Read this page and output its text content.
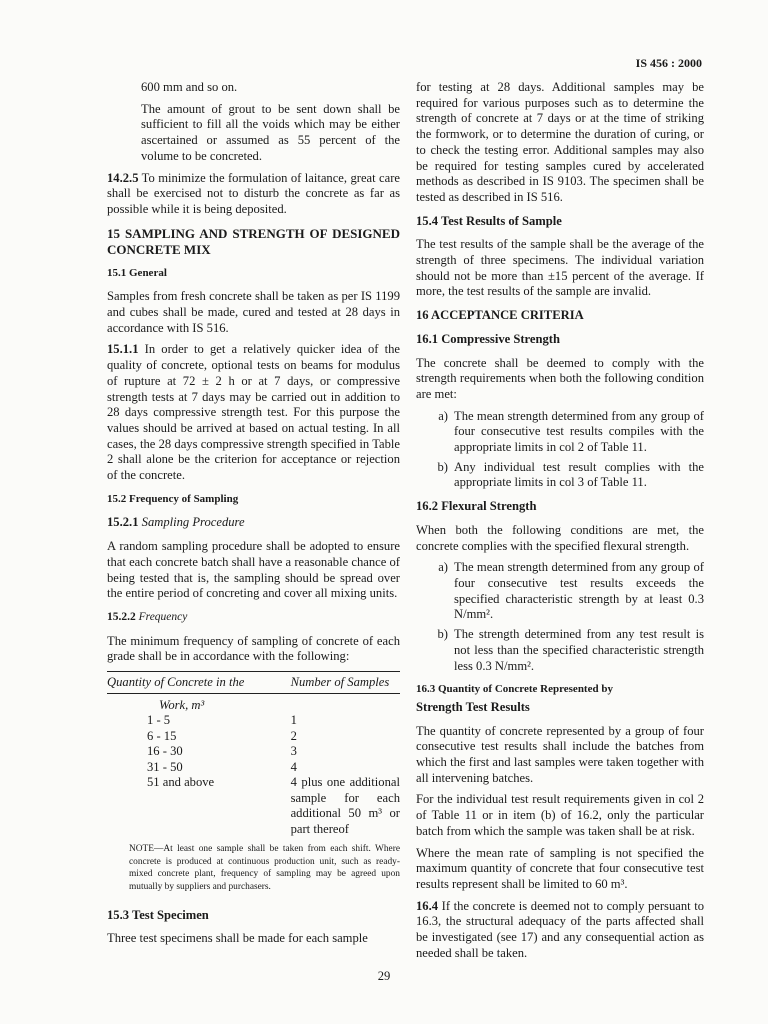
IS 456 : 2000

600 mm and so on.

The amount of grout to be sent down shall be sufficient to fill all the voids which may be either ascertained or assumed as 55 percent of the volume to be concreted.

14.2.5 To minimize the formulation of laitance, great care shall be exercised not to disturb the concrete as far as possible while it is being deposited.

15 SAMPLING AND STRENGTH OF DESIGNED CONCRETE MIX
15.1 General

Samples from fresh concrete shall be taken as per IS 1199 and cubes shall be made, cured and tested at 28 days in accordance with IS 516.

15.1.1 In order to get a relatively quicker idea of the quality of concrete, optional tests on beams for modulus of rupture at 72 ± 2 h or at 7 days, or compressive strength tests at 7 days may be carried out in addition to 28 days compressive strength test. For this purpose the values should be arrived at based on actual testing. In all cases, the 28 days compressive strength specified in Table 2 shall alone be the criterion for acceptance or rejection of the concrete.

15.2 Frequency of Sampling
15.2.1 Sampling Procedure

A random sampling procedure shall be adopted to ensure that each concrete batch shall have a reasonable chance of being tested that is, the sampling should be spread over the entire period of concreting and cover all mixing units.

15.2.2 Frequency

The minimum frequency of sampling of concrete of each grade shall be in accordance with the following:

Quantity of Concrete in the	Number of Samples
Work, m³	
1 - 5	1
6 - 15	2
16 - 30	3
31 - 50	4
51 and above	4 plus one additional sample for each additional 50 m³ or part thereof
NOTE—At least one sample shall be taken from each shift. Where concrete is produced at continuous production unit, such as ready-mixed concrete plant, frequency of sampling may be agreed upon mutually by suppliers and purchasers.
15.3 Test Specimen

Three test specimens shall be made for each sample

for testing at 28 days. Additional samples may be required for various purposes such as to determine the strength of concrete at 7 days or at the time of striking the formwork, or to determine the duration of curing, or to check the testing error. Additional samples may also be required for testing samples cured by accelerated methods as described in IS 9103. The specimen shall be tested as described in IS 516.

15.4 Test Results of Sample

The test results of the sample shall be the average of the strength of three specimens. The individual variation should not be more than ±15 percent of the average. If more, the test results of the sample are invalid.

16 ACCEPTANCE CRITERIA
16.1 Compressive Strength

The concrete shall be deemed to comply with the strength requirements when both the following condition are met:

a) The mean strength determined from any group of four consecutive test results compiles with the appropriate limits in col 2 of Table 11.
b) Any individual test result complies with the appropriate limits in col 3 of Table 11.
16.2 Flexural Strength

When both the following conditions are met, the concrete complies with the specified flexural strength.

a) The mean strength determined from any group of four consecutive test results exceeds the specified characteristic strength by at least 0.3 N/mm².
b) The strength determined from any test result is not less than the specified characteristic strength less 0.3 N/mm².
16.3 Quantity of Concrete Represented by
Strength Test Results

The quantity of concrete represented by a group of four consecutive test results shall include the batches from which the first and last samples were taken together with all intervening batches.

For the individual test result requirements given in col 2 of Table 11 or in item (b) of 16.2, only the particular batch from which the sample was taken shall be at risk.

Where the mean rate of sampling is not specified the maximum quantity of concrete that four consecutive test results represent shall be limited to 60 m³.

16.4 If the concrete is deemed not to comply persuant to 16.3, the structural adequacy of the parts affected shall be investigated (see 17) and any consequential action as needed shall be taken.

29
